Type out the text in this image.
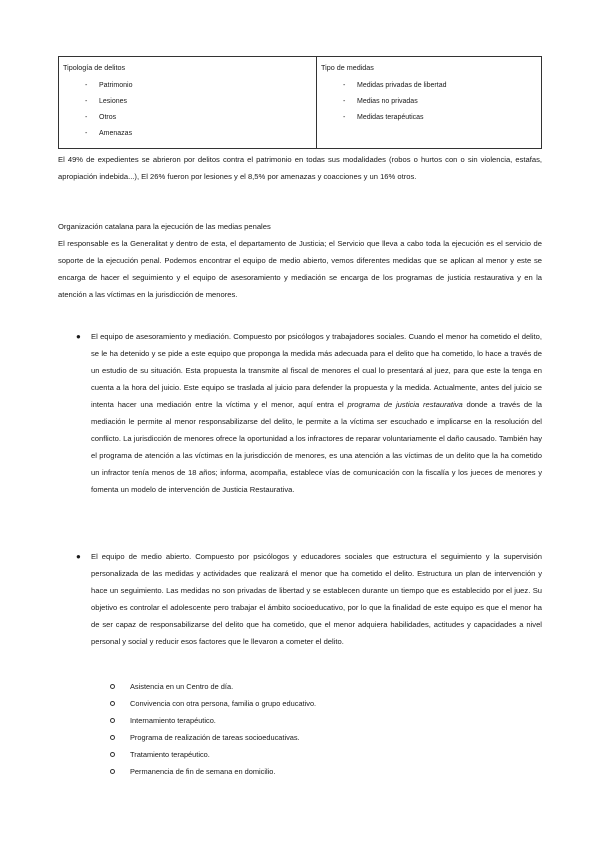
Tipología de delitos
- Patrimonio
- Lesiones
- Otros
- Amenazas
Tipo de medidas
- Medidas privadas de libertad
- Medias no privadas
- Medidas terapéuticas
El 49% de expedientes se abrieron por delitos contra el patrimonio en todas sus modalidades (robos o hurtos con o sin violencia, estafas, apropiación indebida...), El 26% fueron por lesiones y el 8,5% por amenazas y coacciones y un 16% otros.
Organización catalana para la ejecución de las medias penales
El responsable es la Generalitat y dentro de esta, el departamento de Justicia; el Servicio que lleva a cabo toda la ejecución es el servicio de soporte de la ejecución penal. Podemos encontrar el equipo de medio abierto, vemos diferentes medidas que se aplican al menor y este se encarga de hacer el seguimiento y el equipo de asesoramiento y mediación se encarga de los programas de justicia restaurativa y en la atención a las víctimas en la jurisdicción de menores.
● El equipo de asesoramiento y mediación. Compuesto por psicólogos y trabajadores sociales. Cuando el menor ha cometido el delito, se le ha detenido y se pide a este equipo que proponga la medida más adecuada para el delito que ha cometido, lo hace a través de un estudio de su situación. Esta propuesta la transmite al fiscal de menores el cual lo presentará al juez, para que este la tenga en cuenta a la hora del juicio. Este equipo se traslada al juicio para defender la propuesta y la medida. Actualmente, antes del juicio se intenta hacer una mediación entre la víctima y el menor, aquí entra el programa de justicia restaurativa donde a través de la mediación le permite al menor responsabilizarse del delito, le permite a la víctima ser escuchado e implicarse en la resolución del conflicto. La jurisdicción de menores ofrece la oportunidad a los infractores de reparar voluntariamente el daño causado. También hay el programa de atención a las víctimas en la jurisdicción de menores, es una atención a las víctimas de un delito que la ha cometido un infractor tenía menos de 18 años; informa, acompaña, establece vías de comunicación con la fiscalía y los jueces de menores y fomenta un modelo de intervención de Justicia Restaurativa.
● El equipo de medio abierto. Compuesto por psicólogos y educadores sociales que estructura el seguimiento y la supervisión personalizada de las medidas y actividades que realizará el menor que ha cometido el delito. Estructura un plan de intervención y hace un seguimiento. Las medidas no son privadas de libertad y se establecen durante un tiempo que es establecido por el juez. Su objetivo es controlar el adolescente pero trabajar el ámbito socioeducativo, por lo que la finalidad de este equipo es que el menor ha de ser capaz de responsabilizarse del delito que ha cometido, que el menor adquiera habilidades, actitudes y capacidades a nivel personal y social y reducir esos factores que le llevaron a cometer el delito.
Asistencia en un Centro de día.
Convivencia con otra persona, familia o grupo educativo.
Internamiento terapéutico.
Programa de realización de tareas socioeducativas.
Tratamiento terapéutico.
Permanencia de fin de semana en domicilio.
